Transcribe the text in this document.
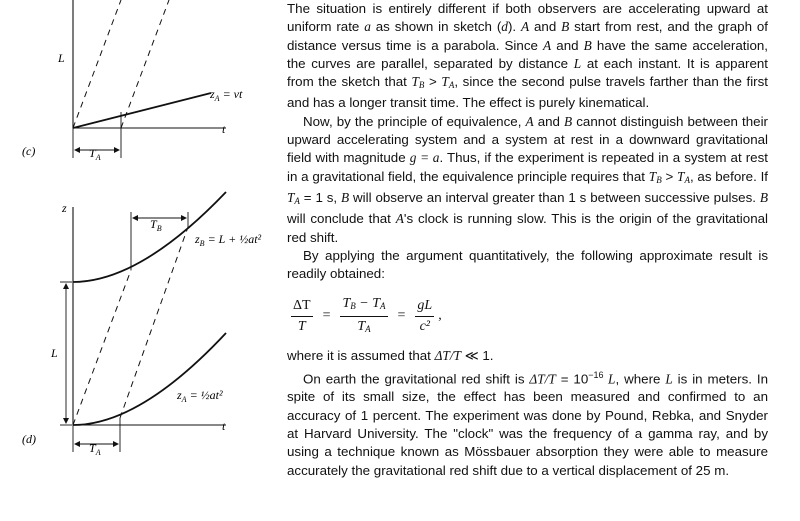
L
t
$z_A$ = vt
$T_A$
(c)
z
L
t
$T_B$
$z_B = L$ + ½at²
$z_A$ = ½at²
$T_A$
(d)

The situation is entirely different if both observers are accelerating upward at uniform rate a as shown in sketch (d). A and B start from rest, and the graph of distance versus time is a parabola. Since A and B have the same acceleration, the curves are parallel, separated by distance L at each instant. It is apparent from the sketch that $T_B > T_A$, since the second pulse travels farther than the first and has a longer transit time. The effect is purely kinematical.

Now, by the principle of equivalence, A and B cannot distinguish between their upward accelerating system and a system at rest in a downward gravitational field with magnitude g = a. Thus, if the experiment is repeated in a system at rest in a gravitational field, the equivalence principle requires that $T_B > T_A$, as before. If $T_A = 1$ s, B will observe an interval greater than 1 s between successive pulses. B will conclude that A's clock is running slow. This is the origin of the gravitational red shift.

By applying the argument quantitatively, the following approximate result is readily obtained:

$\frac{\Delta T}{T} = \frac{T_B - T_A}{T_A} = \frac{gL}{\text{c²}}$ ,

where it is assumed that ΔT/T ≪ 1.

On earth the gravitational red shift is $\Delta T/T = 10^{-16}$ L, where L is in meters. In spite of its small size, the effect has been measured and confirmed to an accuracy of 1 percent. The experiment was done by Pound, Rebka, and Snyder at Harvard University. The "clock" was the frequency of a gamma ray, and by using a technique known as Mössbauer absorption they were able to measure accurately the gravitational red shift due to a vertical displacement of 25 m.
